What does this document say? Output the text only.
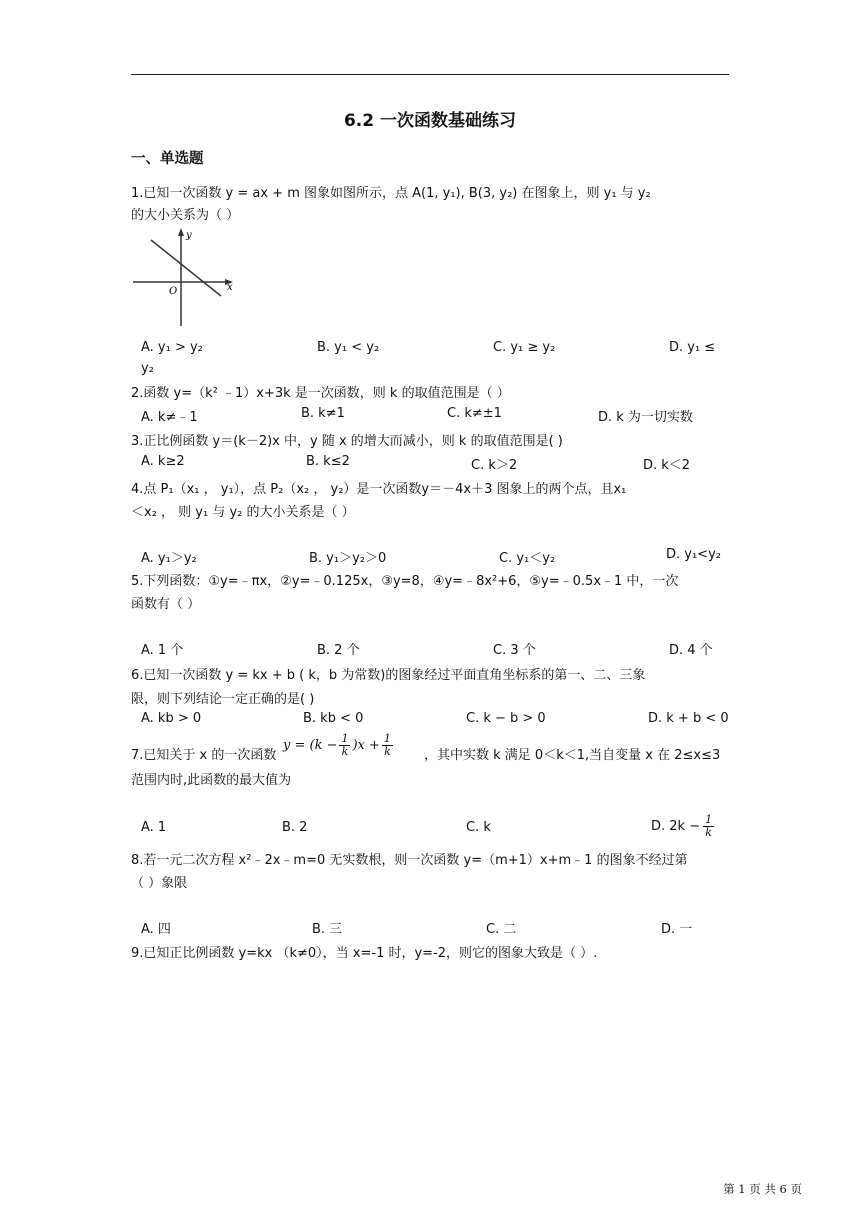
6.2 一次函数基础练习
一、单选题
1.已知一次函数 y = ax + m 图象如图所示，点 A(1, y₁), B(3, y₂) 在图象上，则 y₁ 与 y₂
的大小关系为（ ）
y
x
O
A. y₁ > y₂	B. y₁ < y₂	C. y₁ ≥ y₂	D. y₁ ≤
y₂
2.函数 y=（k² ﹣1）x+3k 是一次函数，则 k 的取值范围是（ ）
A. k≠﹣1	B. k≠1	C. k≠±1	D. k 为一切实数
3.正比例函数 y＝(k－2)x 中，y 随 x 的增大而减小，则 k 的取值范围是( )
A. k≥2	B. k≤2	C. k＞2	D. k＜2
4.点 P₁（x₁ ， y₁），点 P₂（x₂ ， y₂）是一次函数y＝－4x＋3 图象上的两个点，且x₁
＜x₂ ， 则 y₁ 与 y₂ 的大小关系是（ ）
A. y₁＞y₂	B. y₁＞y₂＞0	C. y₁＜y₂	D. y₁<y₂
5.下列函数：①y=﹣πx，②y=﹣0.125x，③y=8，④y=﹣8x²+6，⑤y=﹣0.5x﹣1 中，一次
函数有（ ）
A. 1 个	B. 2 个	C. 3 个	D. 4 个
6.已知一次函数 y = kx + b ( k，b 为常数)的图象经过平面直角坐标系的第一、二、三象
限，则下列结论一定正确的是( )
A. kb > 0	B. kb < 0	C. k − b > 0	D. k + b < 0
7.已知关于 x 的一次函数
$y = (k - \frac{1}{k} )x + \frac{1}{k}$ ，其中实数 k 满足 0＜k＜1,当自变量 x 在 2≤x≤3
范围内时,此函数的最大值为
A. 1	B. 2	C. k	D. $2k - \frac{1}{k}$
8.若一元二次方程 x²﹣2x﹣m=0 无实数根，则一次函数 y=（m+1）x+m﹣1 的图象不经过第
（ ）象限
A. 四	B. 三	C. 二	D. 一
9.已知正比例函数 y=kx （k≠0），当 x=-1 时，y=-2，则它的图象大致是（ ）.
第 1 页 共 6 页
